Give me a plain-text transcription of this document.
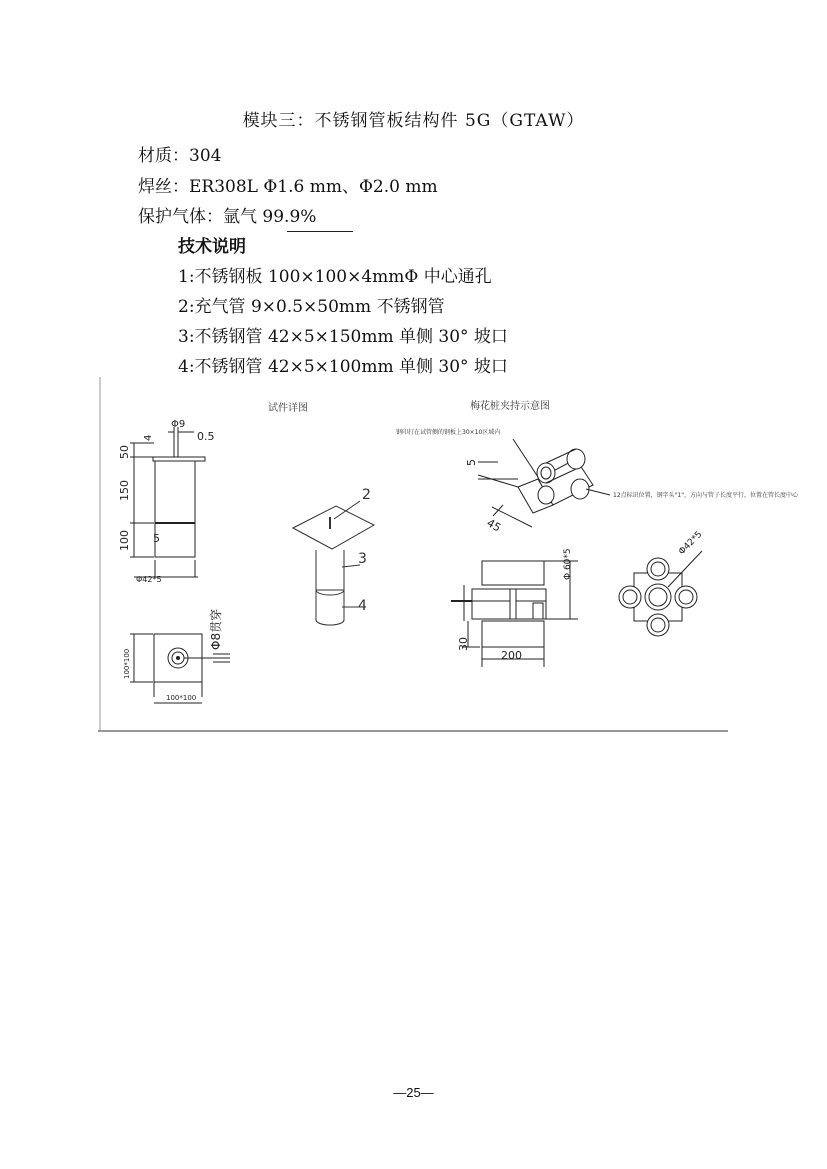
模块三：不锈钢管板结构件 5G（GTAW）
材质：304
焊丝：ER308L Φ1.6 mm、Φ2.0 mm
保护气体：氩气 99.9%
技术说明
1:不锈钢板 100×100×4mmΦ 中心通孔
2:充气管 9×0.5×50mm 不锈钢管
3:不锈钢管 42×5×150mm 单侧 30° 坡口
4:不锈钢管 42×5×100mm 单侧 30° 坡口
试件详图	梅花桩夹持示意图
Φ9
0.5
4
50
150
100 5
Φ42*5
Φ8贯穿
100*100
100*100
2
3
4
钢印打在试管侧的钢板上30×10区域内
5
45
12点标识位置，钢字头"1"，方向与管子长度平行，位置在管长度中心
Φ 60*5
30
200
Φ42*5
—25—
